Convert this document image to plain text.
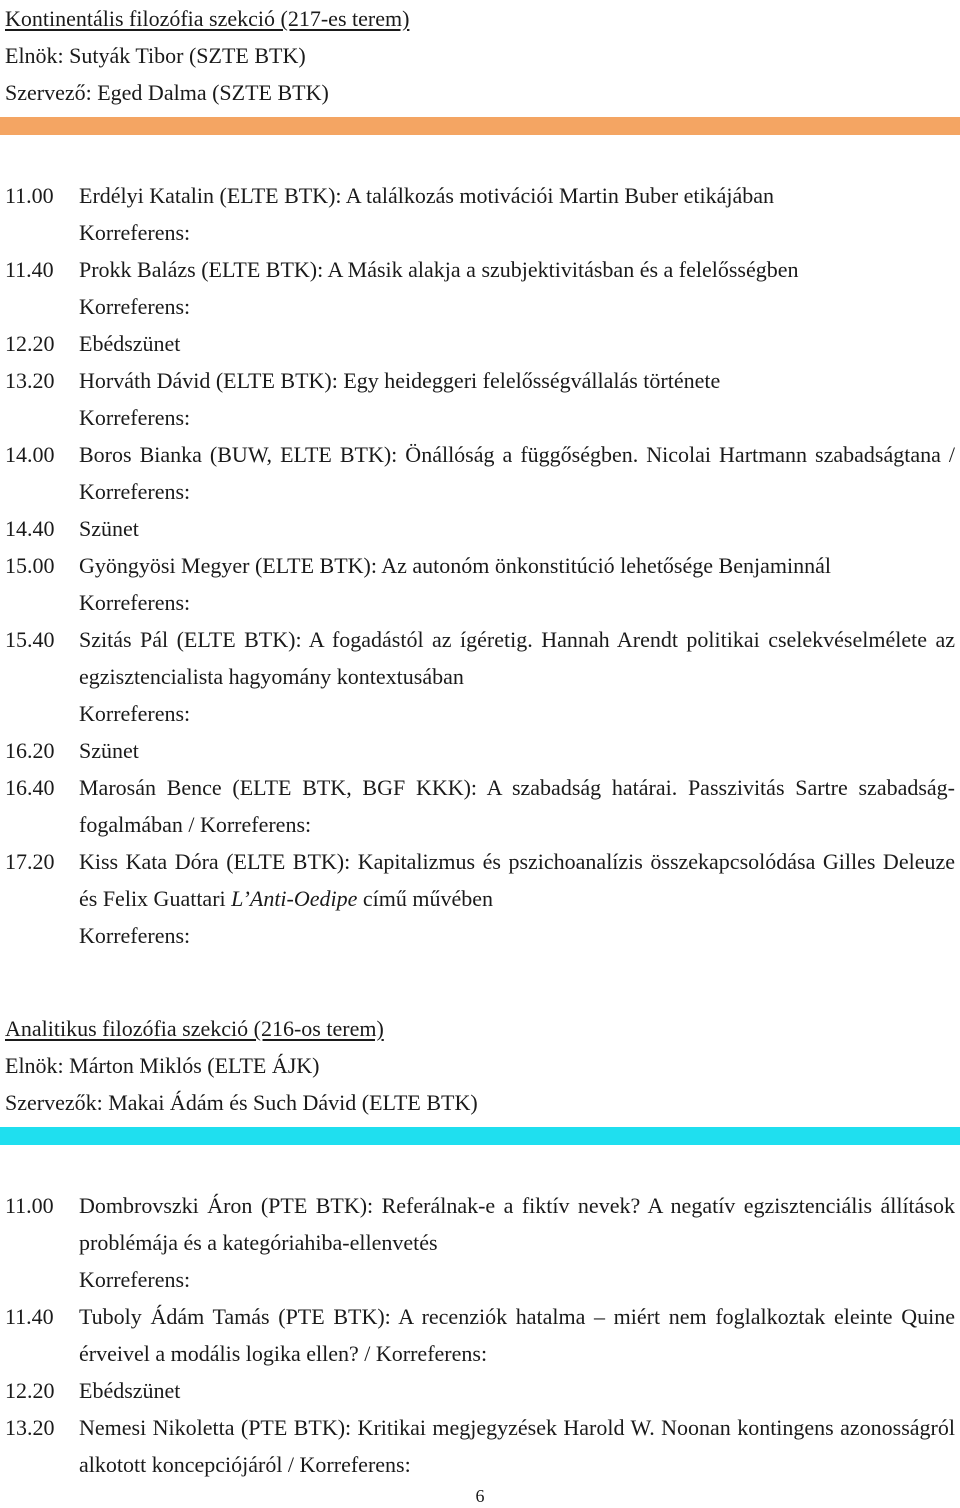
Kontinentális filozófia szekció (217-es terem)
Elnök: Sutyák Tibor (SZTE BTK)
Szervező: Eged Dalma (SZTE BTK)
11.00	Erdélyi Katalin (ELTE BTK): A találkozás motivációi Martin Buber etikájában
Korreferens:
11.40	Prokk Balázs (ELTE BTK): A Másik alakja a szubjektivitásban és a felelősségben
Korreferens:
12.20	Ebédszünet
13.20	Horváth Dávid (ELTE BTK): Egy heideggeri felelősségvállalás története
Korreferens:
14.00	Boros Bianka (BUW, ELTE BTK): Önállóság a függőségben. Nicolai Hartmann szabadságtana / Korreferens:
14.40	Szünet
15.00	Gyöngyösi Megyer (ELTE BTK): Az autonóm önkonstitúció lehetősége Benjaminnál
Korreferens:
15.40	Szitás Pál (ELTE BTK): A fogadástól az ígéretig. Hannah Arendt politikai cselekvéselmélete az egzisztencialista hagyomány kontextusában
Korreferens:
16.20	Szünet
16.40	Marosán Bence (ELTE BTK, BGF KKK): A szabadság határai. Passzivitás Sartre szabadság-fogalmában / Korreferens:
17.20	Kiss Kata Dóra (ELTE BTK): Kapitalizmus és pszichoanalízis összekapcsolódása Gilles Deleuze és Felix Guattari L’Anti-Oedipe című művében
Korreferens:
Analitikus filozófia szekció (216-os terem)
Elnök: Márton Miklós (ELTE ÁJK)
Szervezők: Makai Ádám és Such Dávid (ELTE BTK)
11.00	Dombrovszki Áron (PTE BTK): Referálnak-e a fiktív nevek? A negatív egzisztenciális állítások problémája és a kategóriahiba-ellenvetés
Korreferens:
11.40	Tuboly Ádám Tamás (PTE BTK): A recenziók hatalma – miért nem foglalkoztak eleinte Quine érveivel a modális logika ellen? / Korreferens:
12.20	Ebédszünet
13.20	Nemesi Nikoletta (PTE BTK): Kritikai megjegyzések Harold W. Noonan kontingens azonosságról alkotott koncepciójáról / Korreferens:
6
